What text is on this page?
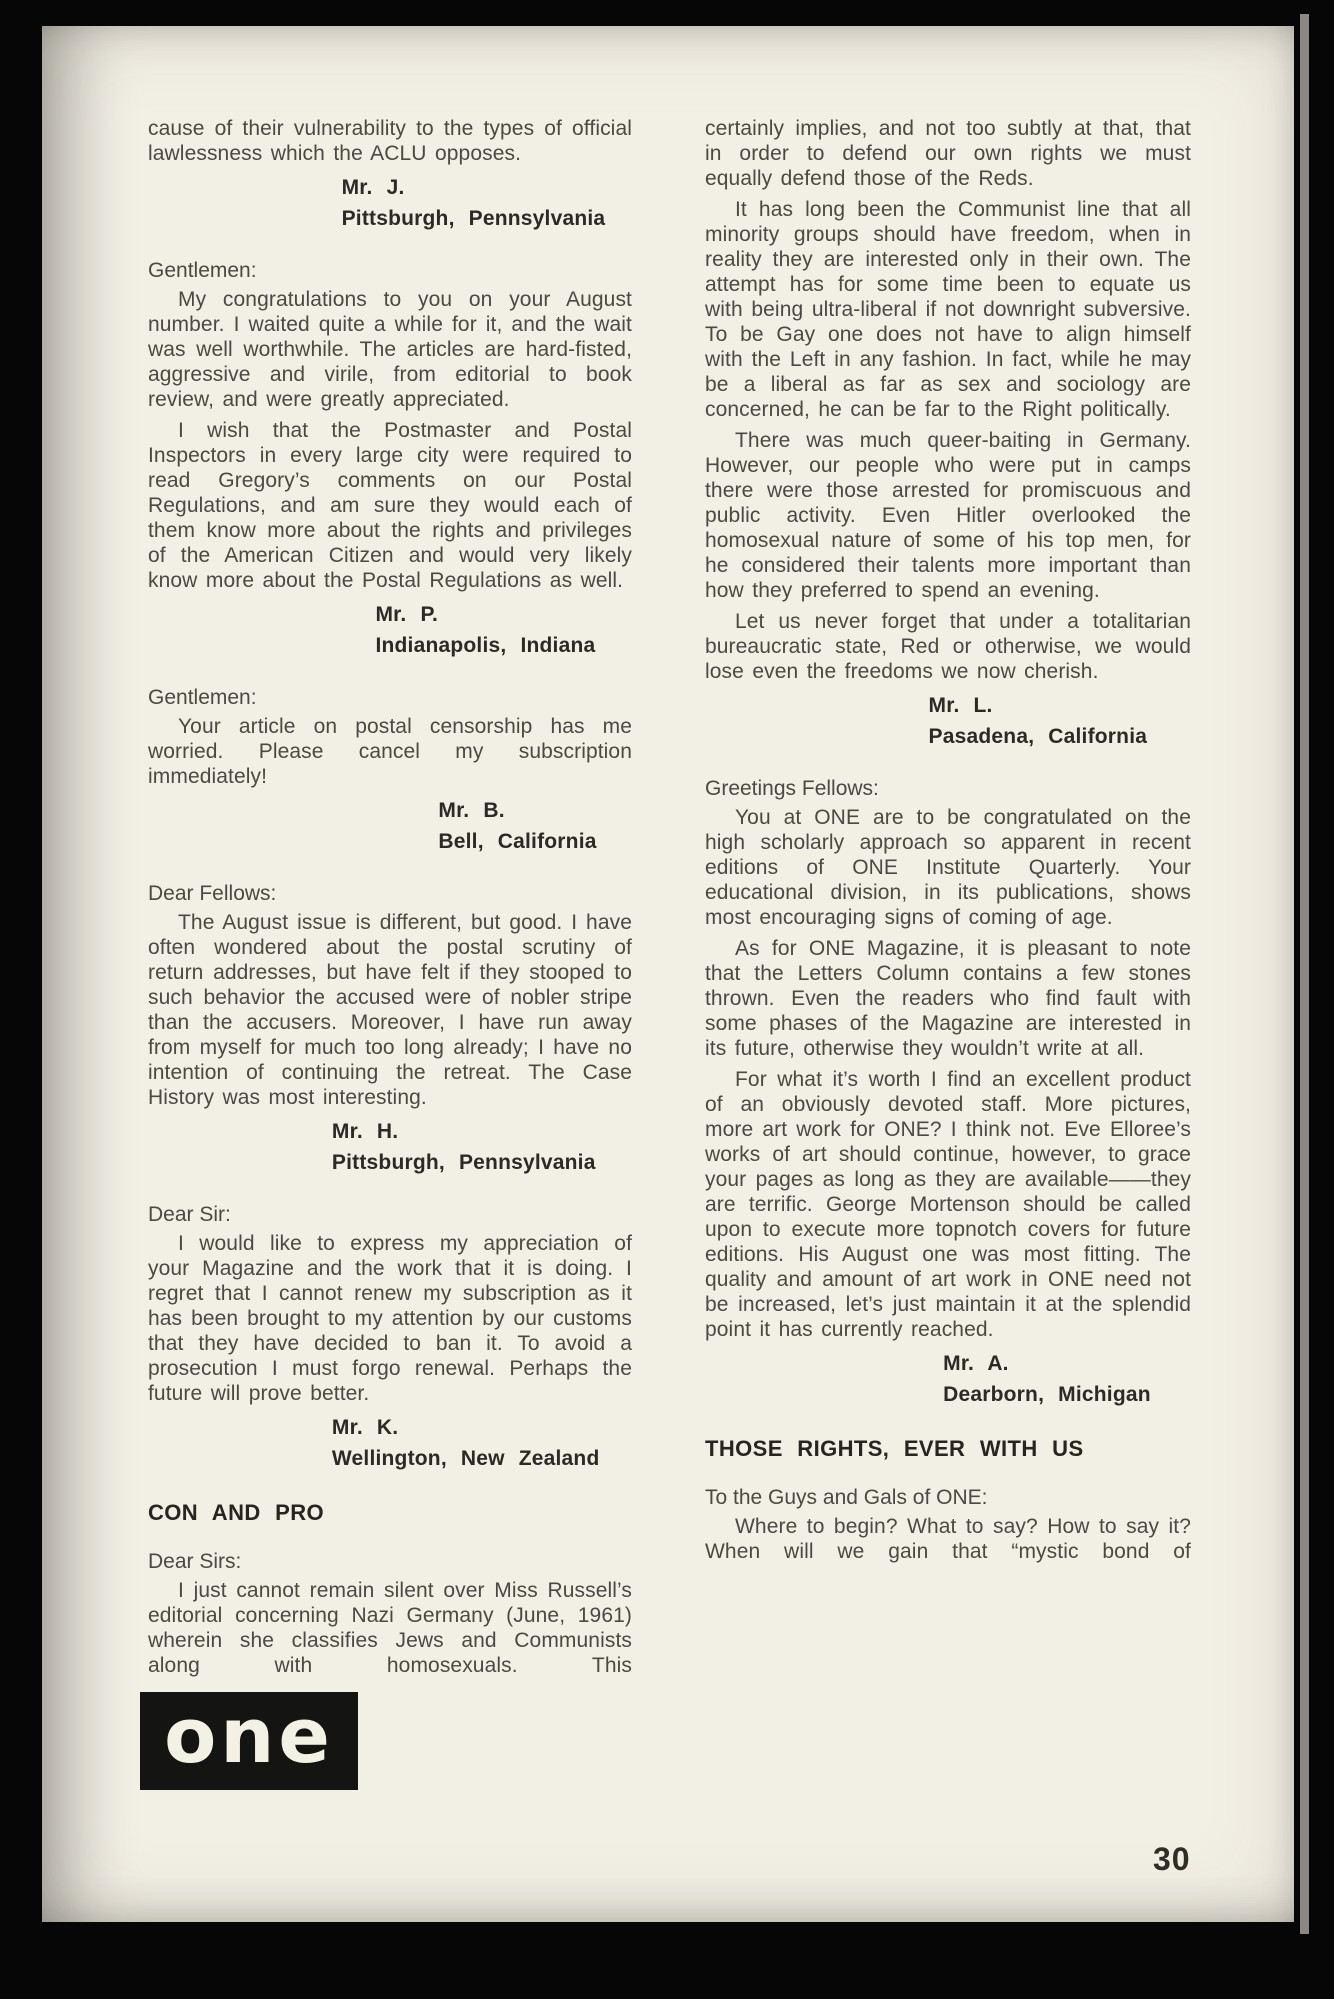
cause of their vulnerability to the types of official lawlessness which the ACLU opposes.

Mr. J.
Pittsburgh, Pennsylvania

Gentlemen:

My congratulations to you on your August number. I waited quite a while for it, and the wait was well worthwhile. The articles are hard-fisted, aggressive and virile, from editorial to book review, and were greatly appreciated.

I wish that the Postmaster and Postal Inspectors in every large city were required to read Gregory’s comments on our Postal Regulations, and am sure they would each of them know more about the rights and privileges of the American Citizen and would very likely know more about the Postal Regulations as well.

Mr. P.
Indianapolis, Indiana

Gentlemen:

Your article on postal censorship has me worried. Please cancel my subscription immediately!

Mr. B.
Bell, California

Dear Fellows:

The August issue is different, but good. I have often wondered about the postal scrutiny of return addresses, but have felt if they stooped to such behavior the accused were of nobler stripe than the accusers. Moreover, I have run away from myself for much too long already; I have no intention of continuing the retreat. The Case History was most interesting.

Mr. H.
Pittsburgh, Pennsylvania

Dear Sir:

I would like to express my appreciation of your Magazine and the work that it is doing. I regret that I cannot renew my subscription as it has been brought to my attention by our customs that they have decided to ban it. To avoid a prosecution I must forgo renewal. Perhaps the future will prove better.

Mr. K.
Wellington, New Zealand
CON AND PRO

Dear Sirs:

I just cannot remain silent over Miss Russell’s editorial concerning Nazi Germany (June, 1961) wherein she classifies Jews and Communists along with homosexuals. This

one

certainly implies, and not too subtly at that, that in order to defend our own rights we must equally defend those of the Reds.

It has long been the Communist line that all minority groups should have freedom, when in reality they are interested only in their own. The attempt has for some time been to equate us with being ultra-liberal if not downright subversive. To be Gay one does not have to align himself with the Left in any fashion. In fact, while he may be a liberal as far as sex and sociology are concerned, he can be far to the Right politically.

There was much queer-baiting in Germany. However, our people who were put in camps there were those arrested for promiscuous and public activity. Even Hitler overlooked the homosexual nature of some of his top men, for he considered their talents more important than how they preferred to spend an evening.

Let us never forget that under a totalitarian bureaucratic state, Red or otherwise, we would lose even the freedoms we now cherish.

Mr. L.
Pasadena, California

Greetings Fellows:

You at ONE are to be congratulated on the high scholarly approach so apparent in recent editions of ONE Institute Quarterly. Your educational division, in its publications, shows most encouraging signs of coming of age.

As for ONE Magazine, it is pleasant to note that the Letters Column contains a few stones thrown. Even the readers who find fault with some phases of the Magazine are interested in its future, otherwise they wouldn’t write at all.

For what it’s worth I find an excellent product of an obviously devoted staff. More pictures, more art work for ONE? I think not. Eve Elloree’s works of art should continue, however, to grace your pages as long as they are available——they are terrific. George Mortenson should be called upon to execute more topnotch covers for future editions. His August one was most fitting. The quality and amount of art work in ONE need not be increased, let’s just maintain it at the splendid point it has currently reached.

Mr. A.
Dearborn, Michigan
THOSE RIGHTS, EVER WITH US

To the Guys and Gals of ONE:

Where to begin? What to say? How to say it? When will we gain that “mystic bond of

30
